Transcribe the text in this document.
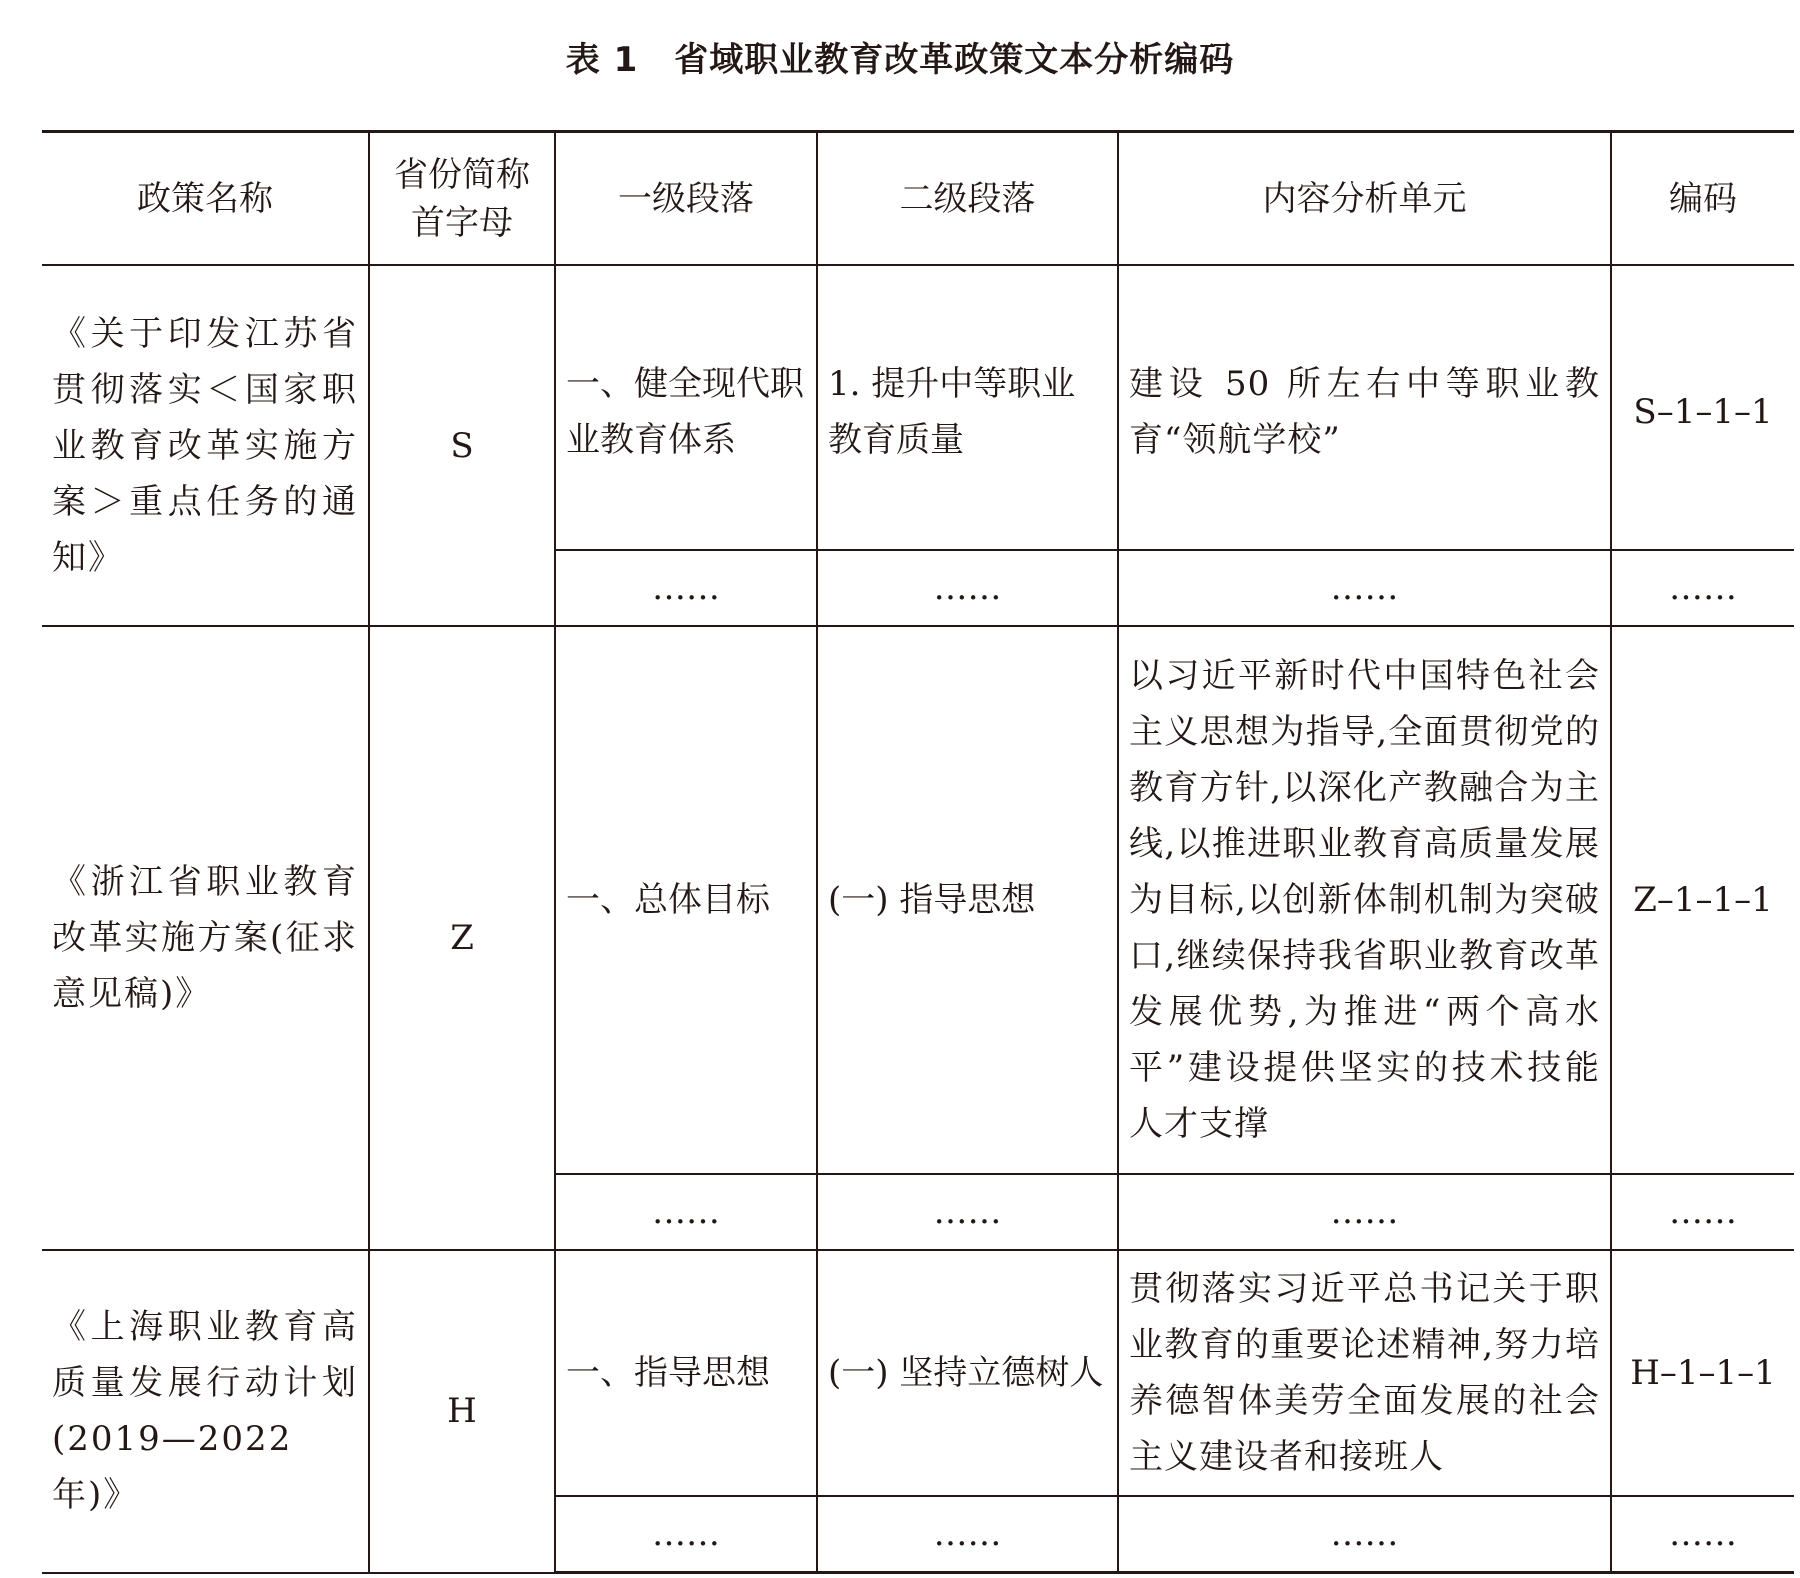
表 1 省域职业教育改革政策文本分析编码
政策名称	省份简称首字母	一级段落	二级段落	内容分析单元	编码
《关于印发江苏省贯彻落实＜国家职业教育改革实施方案＞重点任务的通知》	S	一、健全现代职业教育体系	1. 提升中等职业教育质量	建设 50 所左右中等职业教育“领航学校”	S–1–1–1
		……	……	……	……
《浙江省职业教育改革实施方案(征求意见稿)》	Z	一、总体目标	(一) 指导思想	以习近平新时代中国特色社会主义思想为指导,全面贯彻党的教育方针,以深化产教融合为主线,以推进职业教育高质量发展为目标,以创新体制机制为突破口,继续保持我省职业教育改革发展优势,为推进“两个高水平”建设提供坚实的技术技能人才支撑	Z–1–1–1
		……	……	……	……
《上海职业教育高质量发展行动计划(2019—2022 年)》	H	一、指导思想	(一) 坚持立德树人	贯彻落实习近平总书记关于职业教育的重要论述精神,努力培养德智体美劳全面发展的社会主义建设者和接班人	H–1–1–1
		……	……	……	……
